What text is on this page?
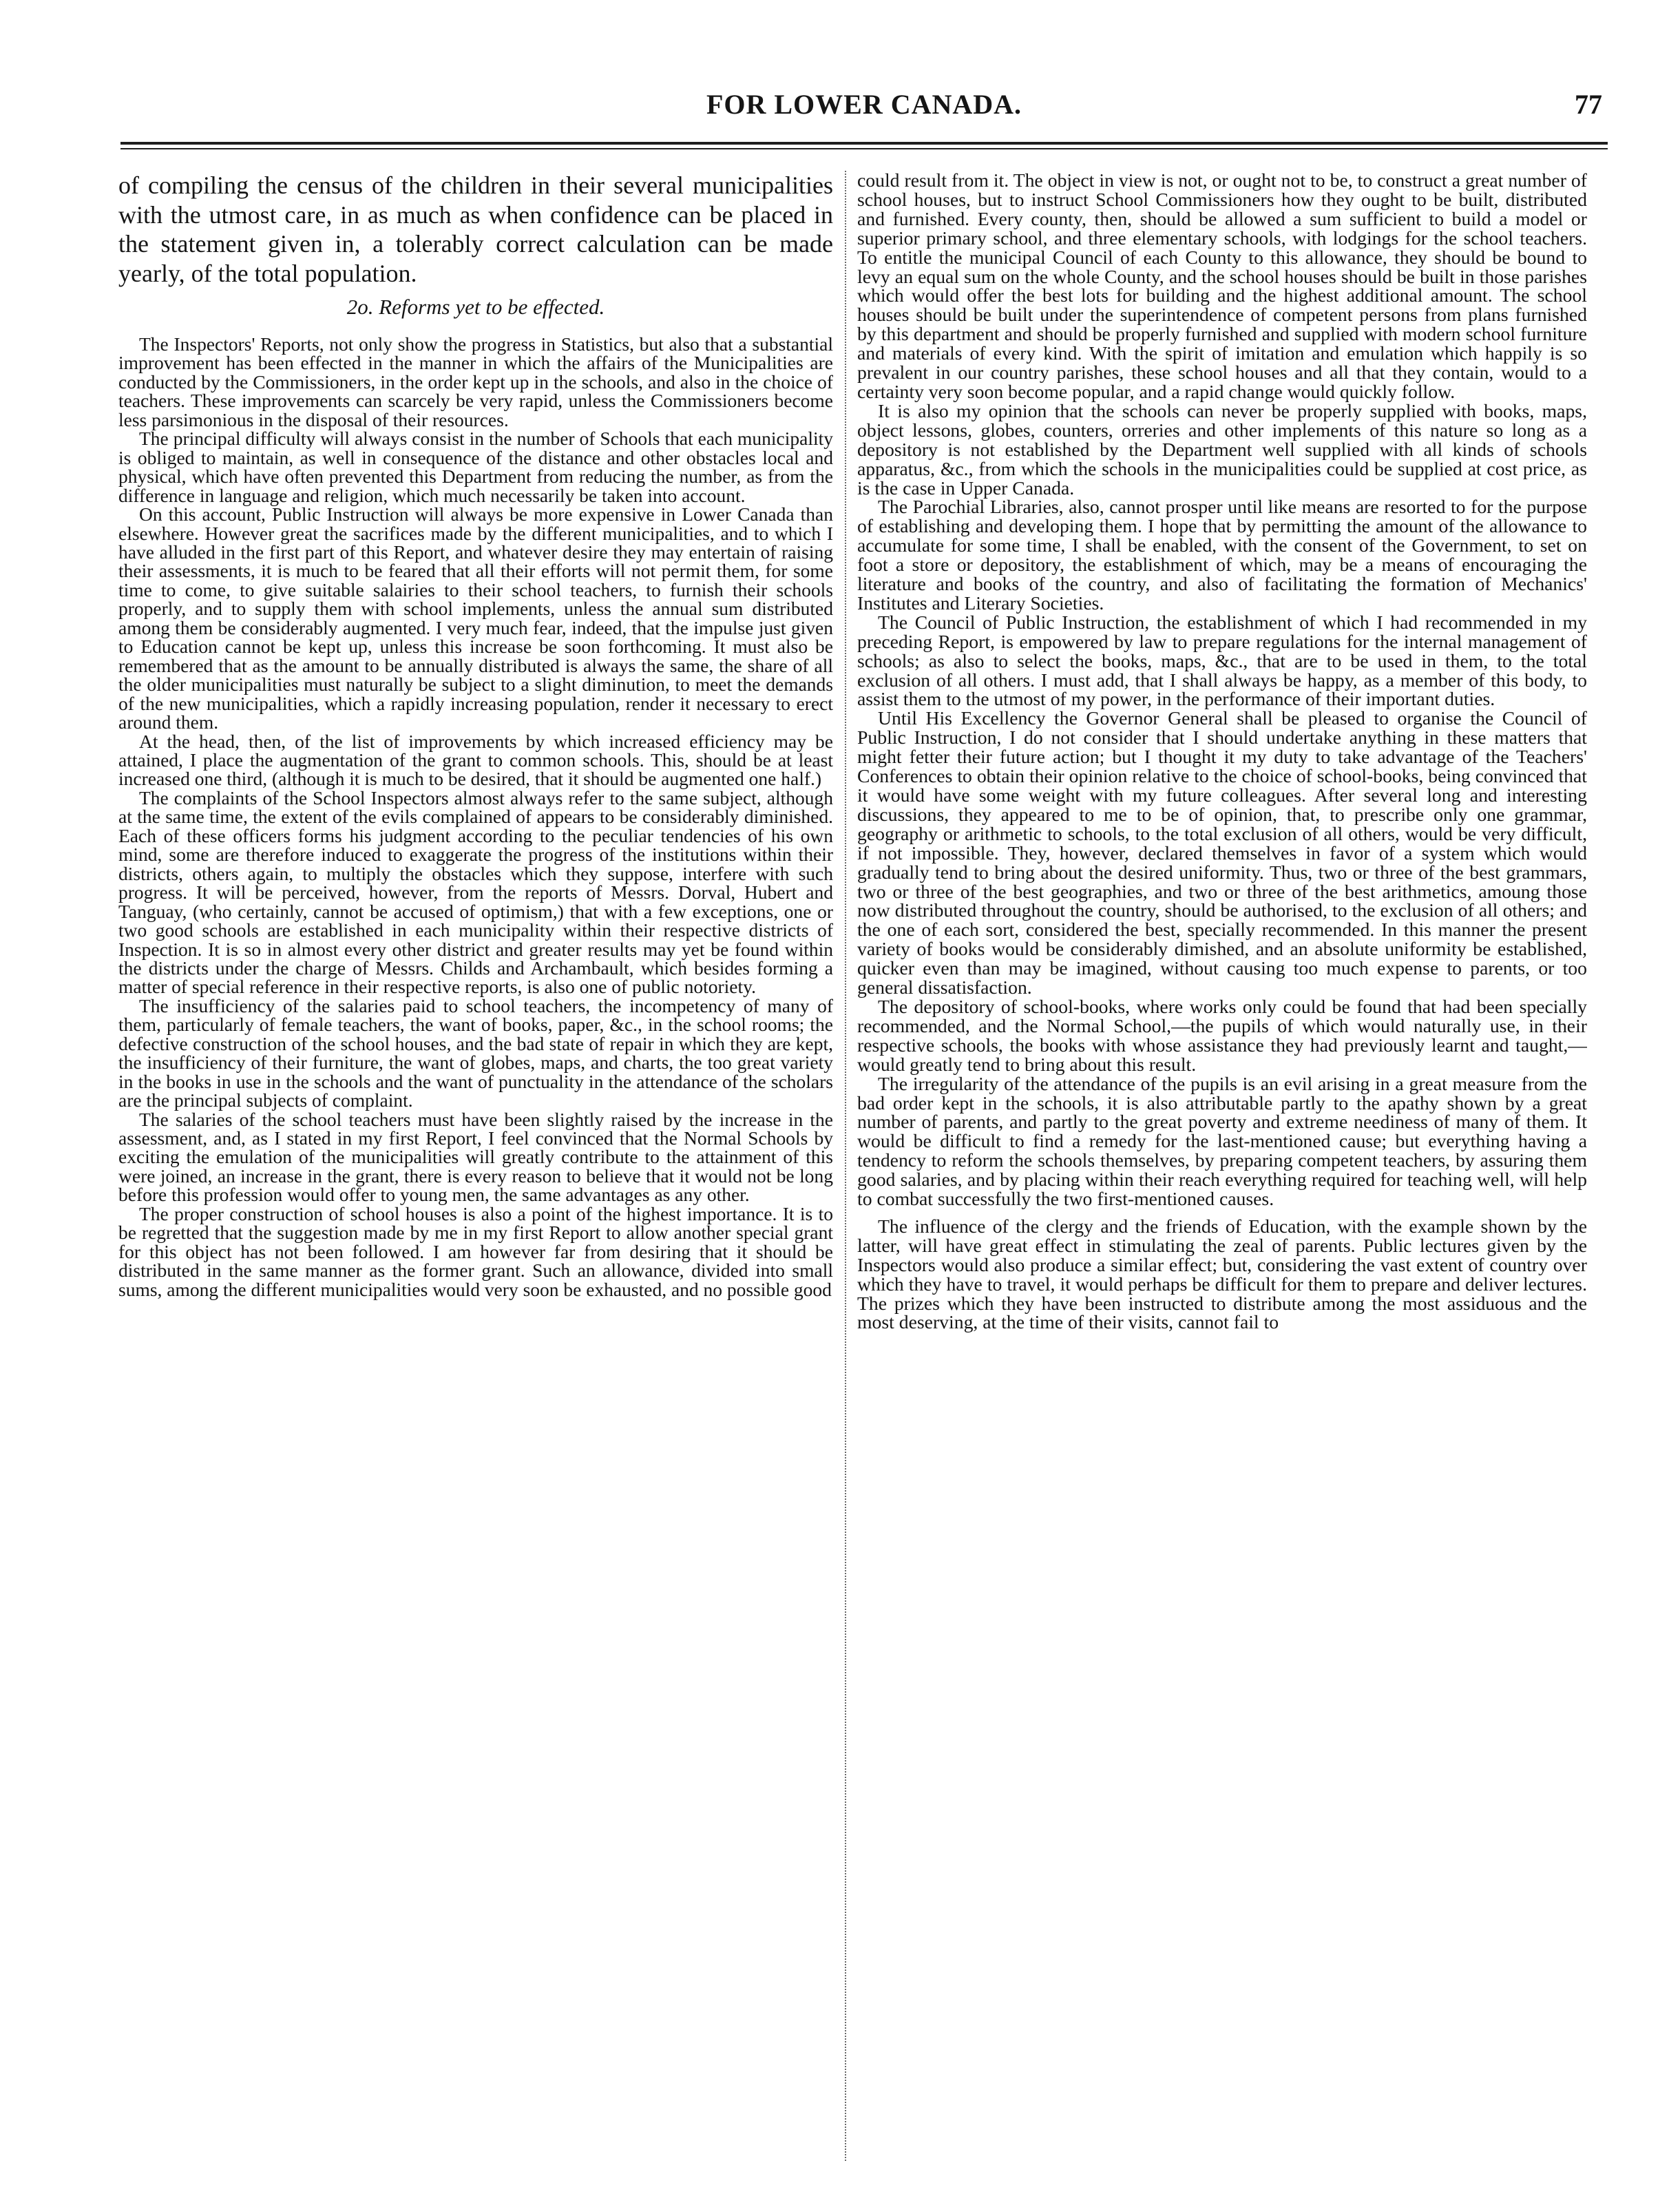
FOR LOWER CANADA.	77

of compiling the census of the children in their several municipalities with the utmost care, in as much as when confidence can be placed in the statement given in, a tolerably correct calculation can be made yearly, of the total population.

2o. Reforms yet to be effected.

The Inspectors' Reports, not only show the progress in Statistics, but also that a substantial improvement has been effected in the manner in which the affairs of the Municipalities are conducted by the Commissioners, in the order kept up in the schools, and also in the choice of teachers. These improvements can scarcely be very rapid, unless the Commissioners become less parsimonious in the disposal of their resources.

The principal difficulty will always consist in the number of Schools that each municipality is obliged to maintain, as well in consequence of the distance and other obstacles local and physical, which have often prevented this Department from reducing the number, as from the difference in language and religion, which much necessarily be taken into account.

On this account, Public Instruction will always be more expensive in Lower Canada than elsewhere. However great the sacrifices made by the different municipalities, and to which I have alluded in the first part of this Report, and whatever desire they may entertain of raising their assessments, it is much to be feared that all their efforts will not permit them, for some time to come, to give suitable salairies to their school teachers, to furnish their schools properly, and to supply them with school implements, unless the annual sum distributed among them be considerably augmented. I very much fear, indeed, that the impulse just given to Education cannot be kept up, unless this increase be soon forthcoming. It must also be remembered that as the amount to be annually distributed is always the same, the share of all the older municipalities must naturally be subject to a slight diminution, to meet the demands of the new municipalities, which a rapidly increasing population, render it necessary to erect around them.

At the head, then, of the list of improvements by which increased efficiency may be attained, I place the augmentation of the grant to common schools. This, should be at least increased one third, (although it is much to be desired, that it should be augmented one half.)

The complaints of the School Inspectors almost always refer to the same subject, although at the same time, the extent of the evils complained of appears to be considerably diminished. Each of these officers forms his judgment according to the peculiar tendencies of his own mind, some are therefore induced to exaggerate the progress of the institutions within their districts, others again, to multiply the obstacles which they suppose, interfere with such progress. It will be perceived, however, from the reports of Messrs. Dorval, Hubert and Tanguay, (who certainly, cannot be accused of optimism,) that with a few exceptions, one or two good schools are established in each municipality within their respective districts of Inspection. It is so in almost every other district and greater results may yet be found within the districts under the charge of Messrs. Childs and Archambault, which besides forming a matter of special reference in their respective reports, is also one of public notoriety.

The insufficiency of the salaries paid to school teachers, the incompetency of many of them, particularly of female teachers, the want of books, paper, &c., in the school rooms; the defective construction of the school houses, and the bad state of repair in which they are kept, the insufficiency of their furniture, the want of globes, maps, and charts, the too great variety in the books in use in the schools and the want of punctuality in the attendance of the scholars are the principal subjects of complaint.

The salaries of the school teachers must have been slightly raised by the increase in the assessment, and, as I stated in my first Report, I feel convinced that the Normal Schools by exciting the emulation of the municipalities will greatly contribute to the attainment of this were joined, an increase in the grant, there is every reason to believe that it would not be long before this profession would offer to young men, the same advantages as any other.

The proper construction of school houses is also a point of the highest importance. It is to be regretted that the suggestion made by me in my first Report to allow another special grant for this object has not been followed. I am however far from desiring that it should be distributed in the same manner as the former grant. Such an allowance, divided into small sums, among the different municipalities would very soon be exhausted, and no possible good

could result from it. The object in view is not, or ought not to be, to construct a great number of school houses, but to instruct School Commissioners how they ought to be built, distributed and furnished. Every county, then, should be allowed a sum sufficient to build a model or superior primary school, and three elementary schools, with lodgings for the school teachers. To entitle the municipal Council of each County to this allowance, they should be bound to levy an equal sum on the whole County, and the school houses should be built in those parishes which would offer the best lots for building and the highest additional amount. The school houses should be built under the superintendence of competent persons from plans furnished by this department and should be properly furnished and supplied with modern school furniture and materials of every kind. With the spirit of imitation and emulation which happily is so prevalent in our country parishes, these school houses and all that they contain, would to a certainty very soon become popular, and a rapid change would quickly follow.

It is also my opinion that the schools can never be properly supplied with books, maps, object lessons, globes, counters, orreries and other implements of this nature so long as a depository is not established by the Department well supplied with all kinds of schools apparatus, &c., from which the schools in the municipalities could be supplied at cost price, as is the case in Upper Canada.

The Parochial Libraries, also, cannot prosper until like means are resorted to for the purpose of establishing and developing them. I hope that by permitting the amount of the allowance to accumulate for some time, I shall be enabled, with the consent of the Government, to set on foot a store or depository, the establishment of which, may be a means of encouraging the literature and books of the country, and also of facilitating the formation of Mechanics' Institutes and Literary Societies.

The Council of Public Instruction, the establishment of which I had recommended in my preceding Report, is empowered by law to prepare regulations for the internal management of schools; as also to select the books, maps, &c., that are to be used in them, to the total exclusion of all others. I must add, that I shall always be happy, as a member of this body, to assist them to the utmost of my power, in the performance of their important duties.

Until His Excellency the Governor General shall be pleased to organise the Council of Public Instruction, I do not consider that I should undertake anything in these matters that might fetter their future action; but I thought it my duty to take advantage of the Teachers' Conferences to obtain their opinion relative to the choice of school-books, being convinced that it would have some weight with my future colleagues. After several long and interesting discussions, they appeared to me to be of opinion, that, to prescribe only one grammar, geography or arithmetic to schools, to the total exclusion of all others, would be very difficult, if not impossible. They, however, declared themselves in favor of a system which would gradually tend to bring about the desired uniformity. Thus, two or three of the best grammars, two or three of the best geographies, and two or three of the best arithmetics, amoung those now distributed throughout the country, should be authorised, to the exclusion of all others; and the one of each sort, considered the best, specially recommended. In this manner the present variety of books would be considerably dimished, and an absolute uniformity be established, quicker even than may be imagined, without causing too much expense to parents, or too general dissatisfaction.

The depository of school-books, where works only could be found that had been specially recommended, and the Normal School,—the pupils of which would naturally use, in their respective schools, the books with whose assistance they had previously learnt and taught,—would greatly tend to bring about this result.

The irregularity of the attendance of the pupils is an evil arising in a great measure from the bad order kept in the schools, it is also attributable partly to the apathy shown by a great number of parents, and partly to the great poverty and extreme neediness of many of them. It would be difficult to find a remedy for the last-mentioned cause; but everything having a tendency to reform the schools themselves, by preparing competent teachers, by assuring them good salaries, and by placing within their reach everything required for teaching well, will help to combat successfully the two first-mentioned causes.

The influence of the clergy and the friends of Education, with the example shown by the latter, will have great effect in stimulating the zeal of parents. Public lectures given by the Inspectors would also produce a similar effect; but, considering the vast extent of country over which they have to travel, it would perhaps be difficult for them to prepare and deliver lectures. The prizes which they have been instructed to distribute among the most assiduous and the most deserving, at the time of their visits, cannot fail to
